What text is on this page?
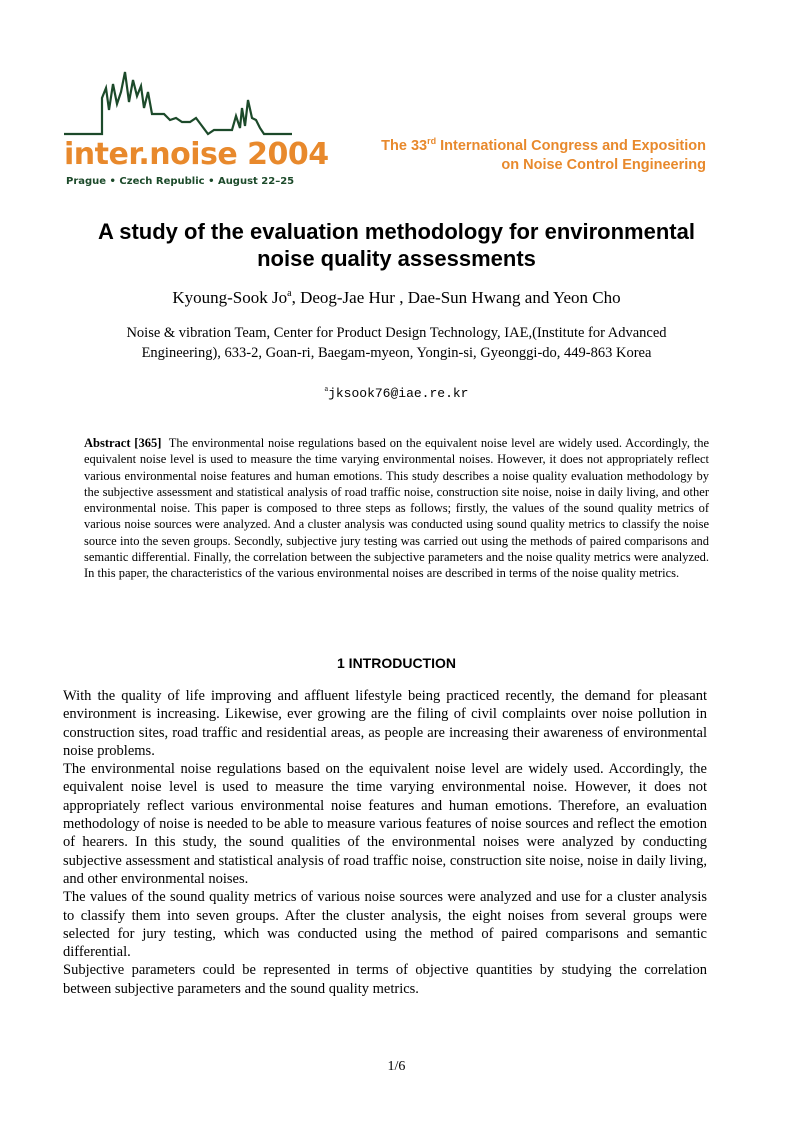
inter.noise 2004
Prague • Czech Republic • August 22–25
The 33rd International Congress and Exposition
on Noise Control Engineering
A study of the evaluation methodology for environmental
noise quality assessments
Kyoung-Sook Jo$^a$, Deog-Jae Hur , Dae-Sun Hwang and Yeon Cho
Noise & vibration Team, Center for Product Design Technology, IAE,(Institute for Advanced
Engineering), 633-2, Goan-ri, Baegam-myeon, Yongin-si, Gyeonggi-do, 449-863 Korea
$^a$jksook76@iae.re.kr
Abstract [365] The environmental noise regulations based on the equivalent noise level are widely used. Accordingly, the equivalent noise level is used to measure the time varying environmental noises. However, it does not appropriately reflect various environmental noise features and human emotions. This study describes a noise quality evaluation methodology by the subjective assessment and statistical analysis of road traffic noise, construction site noise, noise in daily living, and other environmental noise. This paper is composed to three steps as follows; firstly, the values of the sound quality metrics of various noise sources were analyzed. And a cluster analysis was conducted using sound quality metrics to classify the noise source into the seven groups. Secondly, subjective jury testing was carried out using the methods of paired comparisons and semantic differential. Finally, the correlation between the subjective parameters and the noise quality metrics were analyzed. In this paper, the characteristics of the various environmental noises are described in terms of the noise quality metrics.
1 INTRODUCTION

With the quality of life improving and affluent lifestyle being practiced recently, the demand for pleasant environment is increasing. Likewise, ever growing are the filing of civil complaints over noise pollution in construction sites, road traffic and residential areas, as people are increasing their awareness of environmental noise problems.

The environmental noise regulations based on the equivalent noise level are widely used. Accordingly, the equivalent noise level is used to measure the time varying environmental noise. However, it does not appropriately reflect various environmental noise features and human emotions. Therefore, an evaluation methodology of noise is needed to be able to measure various features of noise sources and reflect the emotion of hearers. In this study, the sound qualities of the environmental noises were analyzed by conducting subjective assessment and statistical analysis of road traffic noise, construction site noise, noise in daily living, and other environmental noises.

The values of the sound quality metrics of various noise sources were analyzed and use for a cluster analysis to classify them into seven groups. After the cluster analysis, the eight noises from several groups were selected for jury testing, which was conducted using the method of paired comparisons and semantic differential.

Subjective parameters could be represented in terms of objective quantities by studying the correlation between subjective parameters and the sound quality metrics.

1/6
